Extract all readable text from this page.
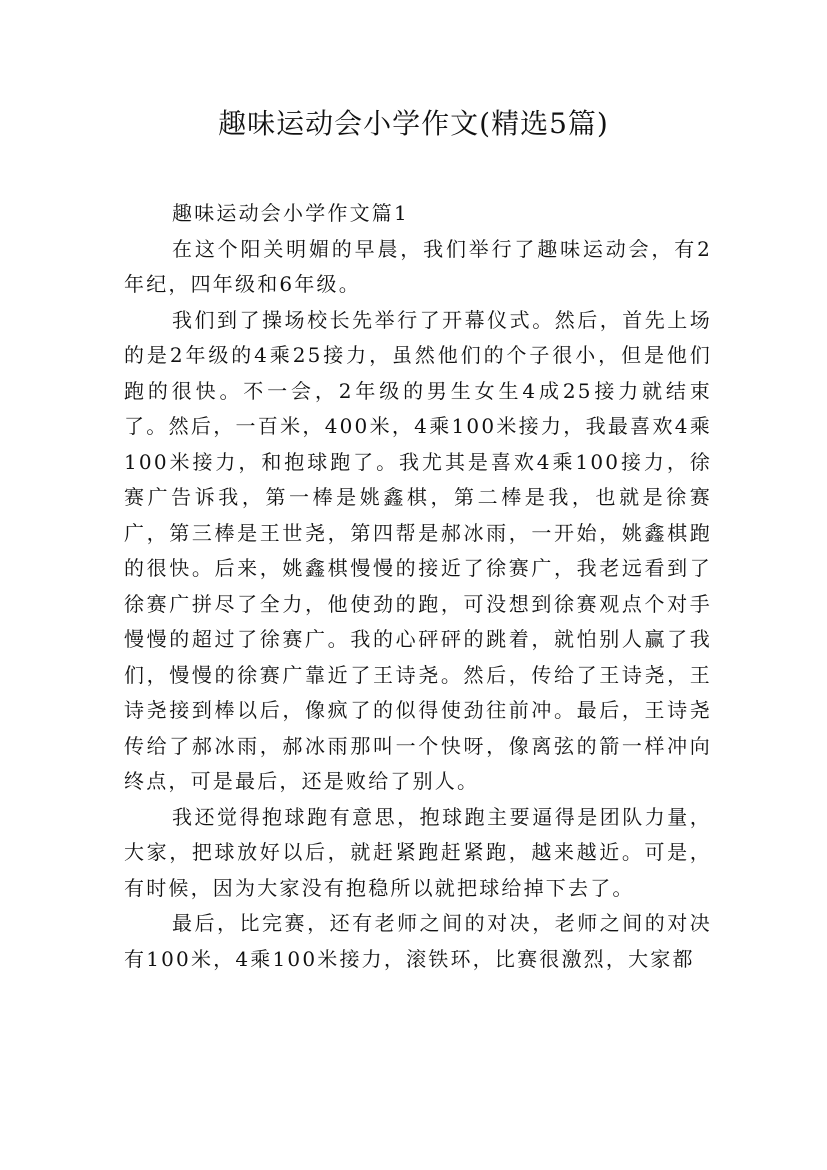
趣味运动会小学作文(精选5篇)

趣味运动会小学作文篇1

在这个阳关明媚的早晨，我们举行了趣味运动会，有2年纪，四年级和6年级。

我们到了操场校长先举行了开幕仪式。然后，首先上场的是2年级的4乘25接力，虽然他们的个子很小，但是他们跑的很快。不一会，2年级的男生女生4成25接力就结束了。然后，一百米，400米，4乘100米接力，我最喜欢4乘100米接力，和抱球跑了。我尤其是喜欢4乘100接力，徐赛广告诉我，第一棒是姚鑫棋，第二棒是我，也就是徐赛广，第三棒是王世尧，第四帮是郝冰雨，一开始，姚鑫棋跑的很快。后来，姚鑫棋慢慢的接近了徐赛广，我老远看到了徐赛广拼尽了全力，他使劲的跑，可没想到徐赛观点个对手慢慢的超过了徐赛广。我的心砰砰的跳着，就怕别人赢了我们，慢慢的徐赛广靠近了王诗尧。然后，传给了王诗尧，王诗尧接到棒以后，像疯了的似得使劲往前冲。最后，王诗尧传给了郝冰雨，郝冰雨那叫一个快呀，像离弦的箭一样冲向终点，可是最后，还是败给了别人。

我还觉得抱球跑有意思，抱球跑主要逼得是团队力量，大家，把球放好以后，就赶紧跑赶紧跑，越来越近。可是，有时候，因为大家没有抱稳所以就把球给掉下去了。

最后，比完赛，还有老师之间的对决，老师之间的对决有100米，4乘100米接力，滚铁环，比赛很激烈，大家都
